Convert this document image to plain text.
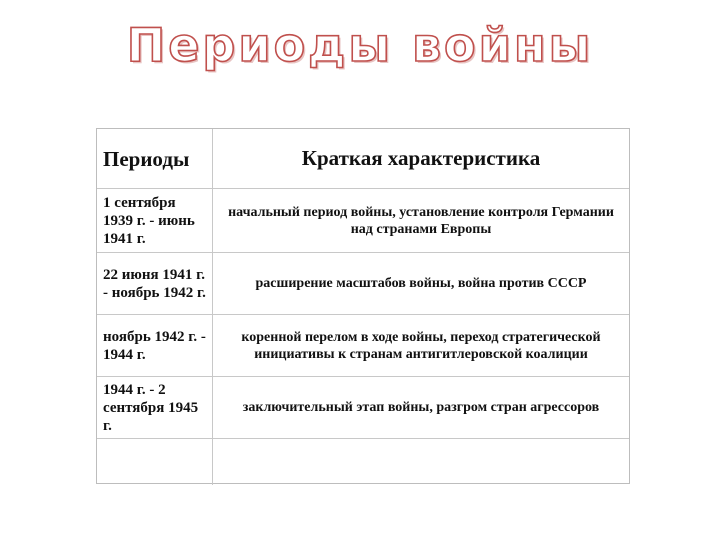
Периоды войны
Периоды	Краткая характеристика
1 сентября 1939 г. - июнь 1941 г.	начальный период войны, установление контроля Германии над странами Европы
22 июня 1941 г. - ноябрь 1942 г.	расширение масштабов войны, война против СССР
ноябрь 1942 г. - 1944 г.	коренной перелом в ходе войны, переход стратегической инициативы к странам антигитлеровской коалиции
1944 г. - 2 сентября 1945 г.	заключительный этап войны, разгром стран агрессоров
